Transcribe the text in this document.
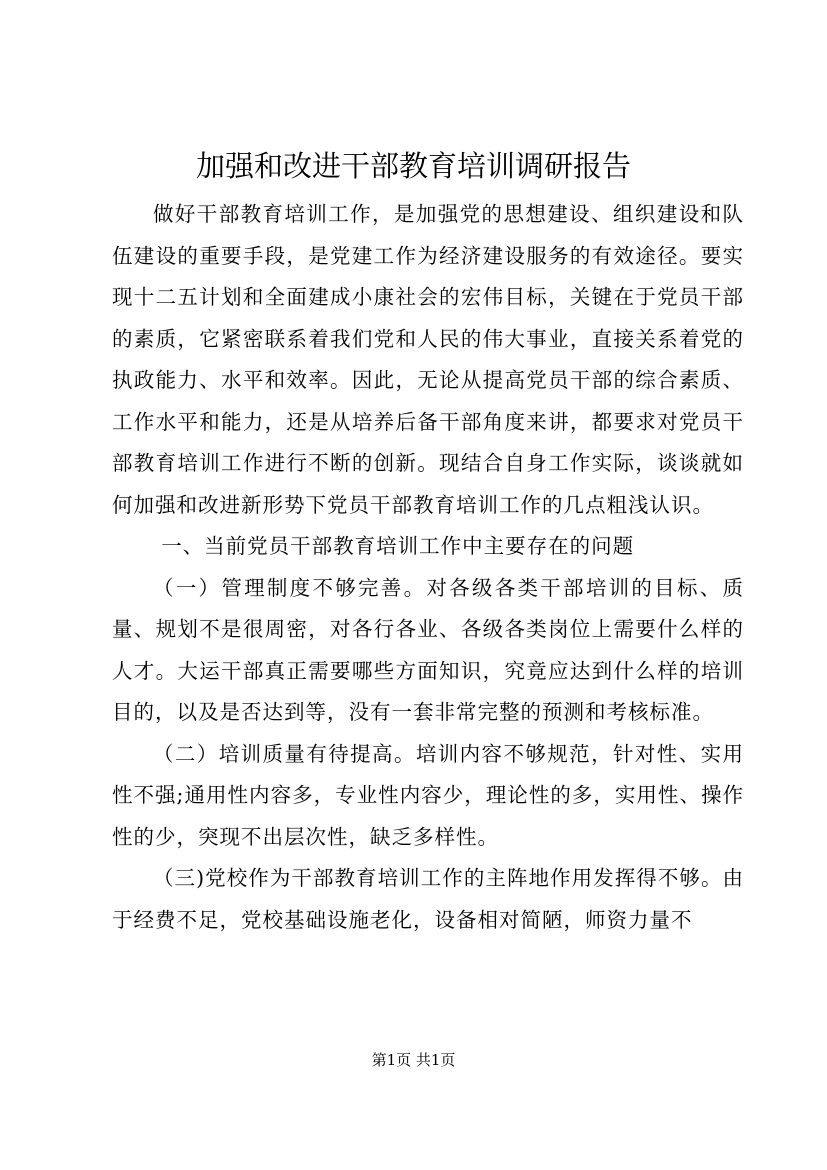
加强和改进干部教育培训调研报告

做好干部教育培训工作，是加强党的思想建设、组织建设和队伍建设的重要手段，是党建工作为经济建设服务的有效途径。要实现十二五计划和全面建成小康社会的宏伟目标，关键在于党员干部的素质，它紧密联系着我们党和人民的伟大事业，直接关系着党的执政能力、水平和效率。因此，无论从提高党员干部的综合素质、工作水平和能力，还是从培养后备干部角度来讲，都要求对党员干部教育培训工作进行不断的创新。现结合自身工作实际，谈谈就如何加强和改进新形势下党员干部教育培训工作的几点粗浅认识。

一、当前党员干部教育培训工作中主要存在的问题

（一）管理制度不够完善。对各级各类干部培训的目标、质量、规划不是很周密，对各行各业、各级各类岗位上需要什么样的人才。大运干部真正需要哪些方面知识，究竟应达到什么样的培训目的，以及是否达到等，没有一套非常完整的预测和考核标准。

（二）培训质量有待提高。培训内容不够规范，针对性、实用性不强;通用性内容多，专业性内容少，理论性的多，实用性、操作性的少，突现不出层次性，缺乏多样性。

（三)党校作为干部教育培训工作的主阵地作用发挥得不够。由于经费不足，党校基础设施老化，设备相对简陋，师资力量不

第1页 共1页
